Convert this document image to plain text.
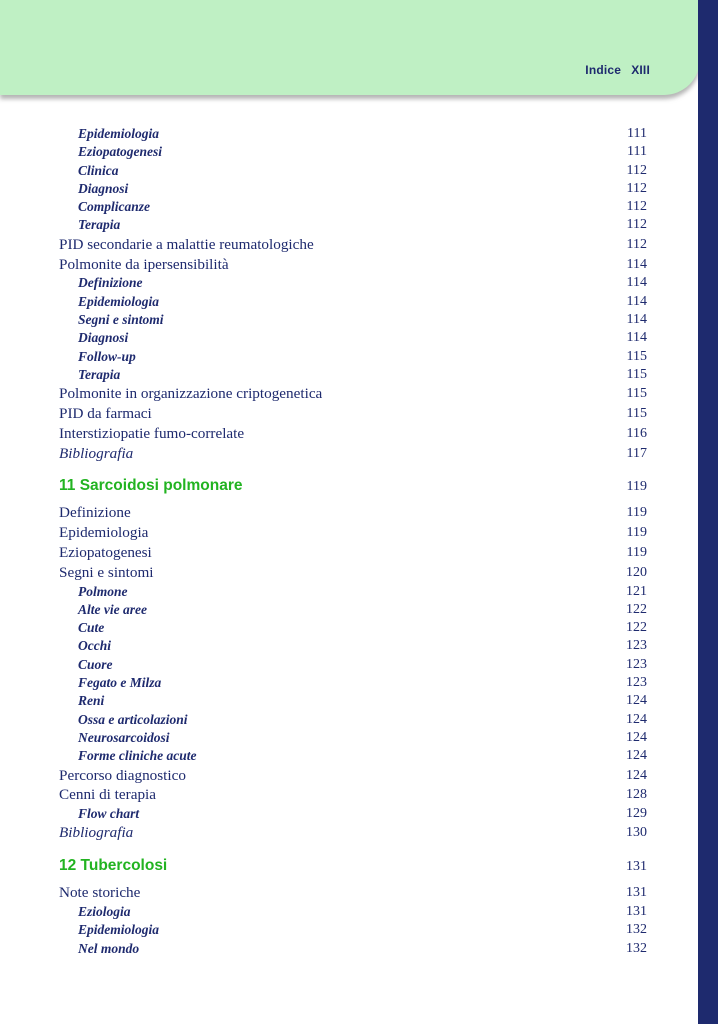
Indice XIII
Epidemiologia	111
Eziopatogenesi	111
Clinica	112
Diagnosi	112
Complicanze	112
Terapia	112
PID secondarie a malattie reumatologiche	112
Polmonite da ipersensibilità	114
Definizione	114
Epidemiologia	114
Segni e sintomi	114
Diagnosi	114
Follow-up	115
Terapia	115
Polmonite in organizzazione criptogenetica	115
PID da farmaci	115
Interstiziopatie fumo-correlate	116
Bibliografia	117
11 Sarcoidosi polmonare	119
Definizione	119
Epidemiologia	119
Eziopatogenesi	119
Segni e sintomi	120
Polmone	121
Alte vie aree	122
Cute	122
Occhi	123
Cuore	123
Fegato e Milza	123
Reni	124
Ossa e articolazioni	124
Neurosarcoidosi	124
Forme cliniche acute	124
Percorso diagnostico	124
Cenni di terapia	128
Flow chart	129
Bibliografia	130
12 Tubercolosi	131
Note storiche	131
Eziologia	131
Epidemiologia	132
Nel mondo	132
